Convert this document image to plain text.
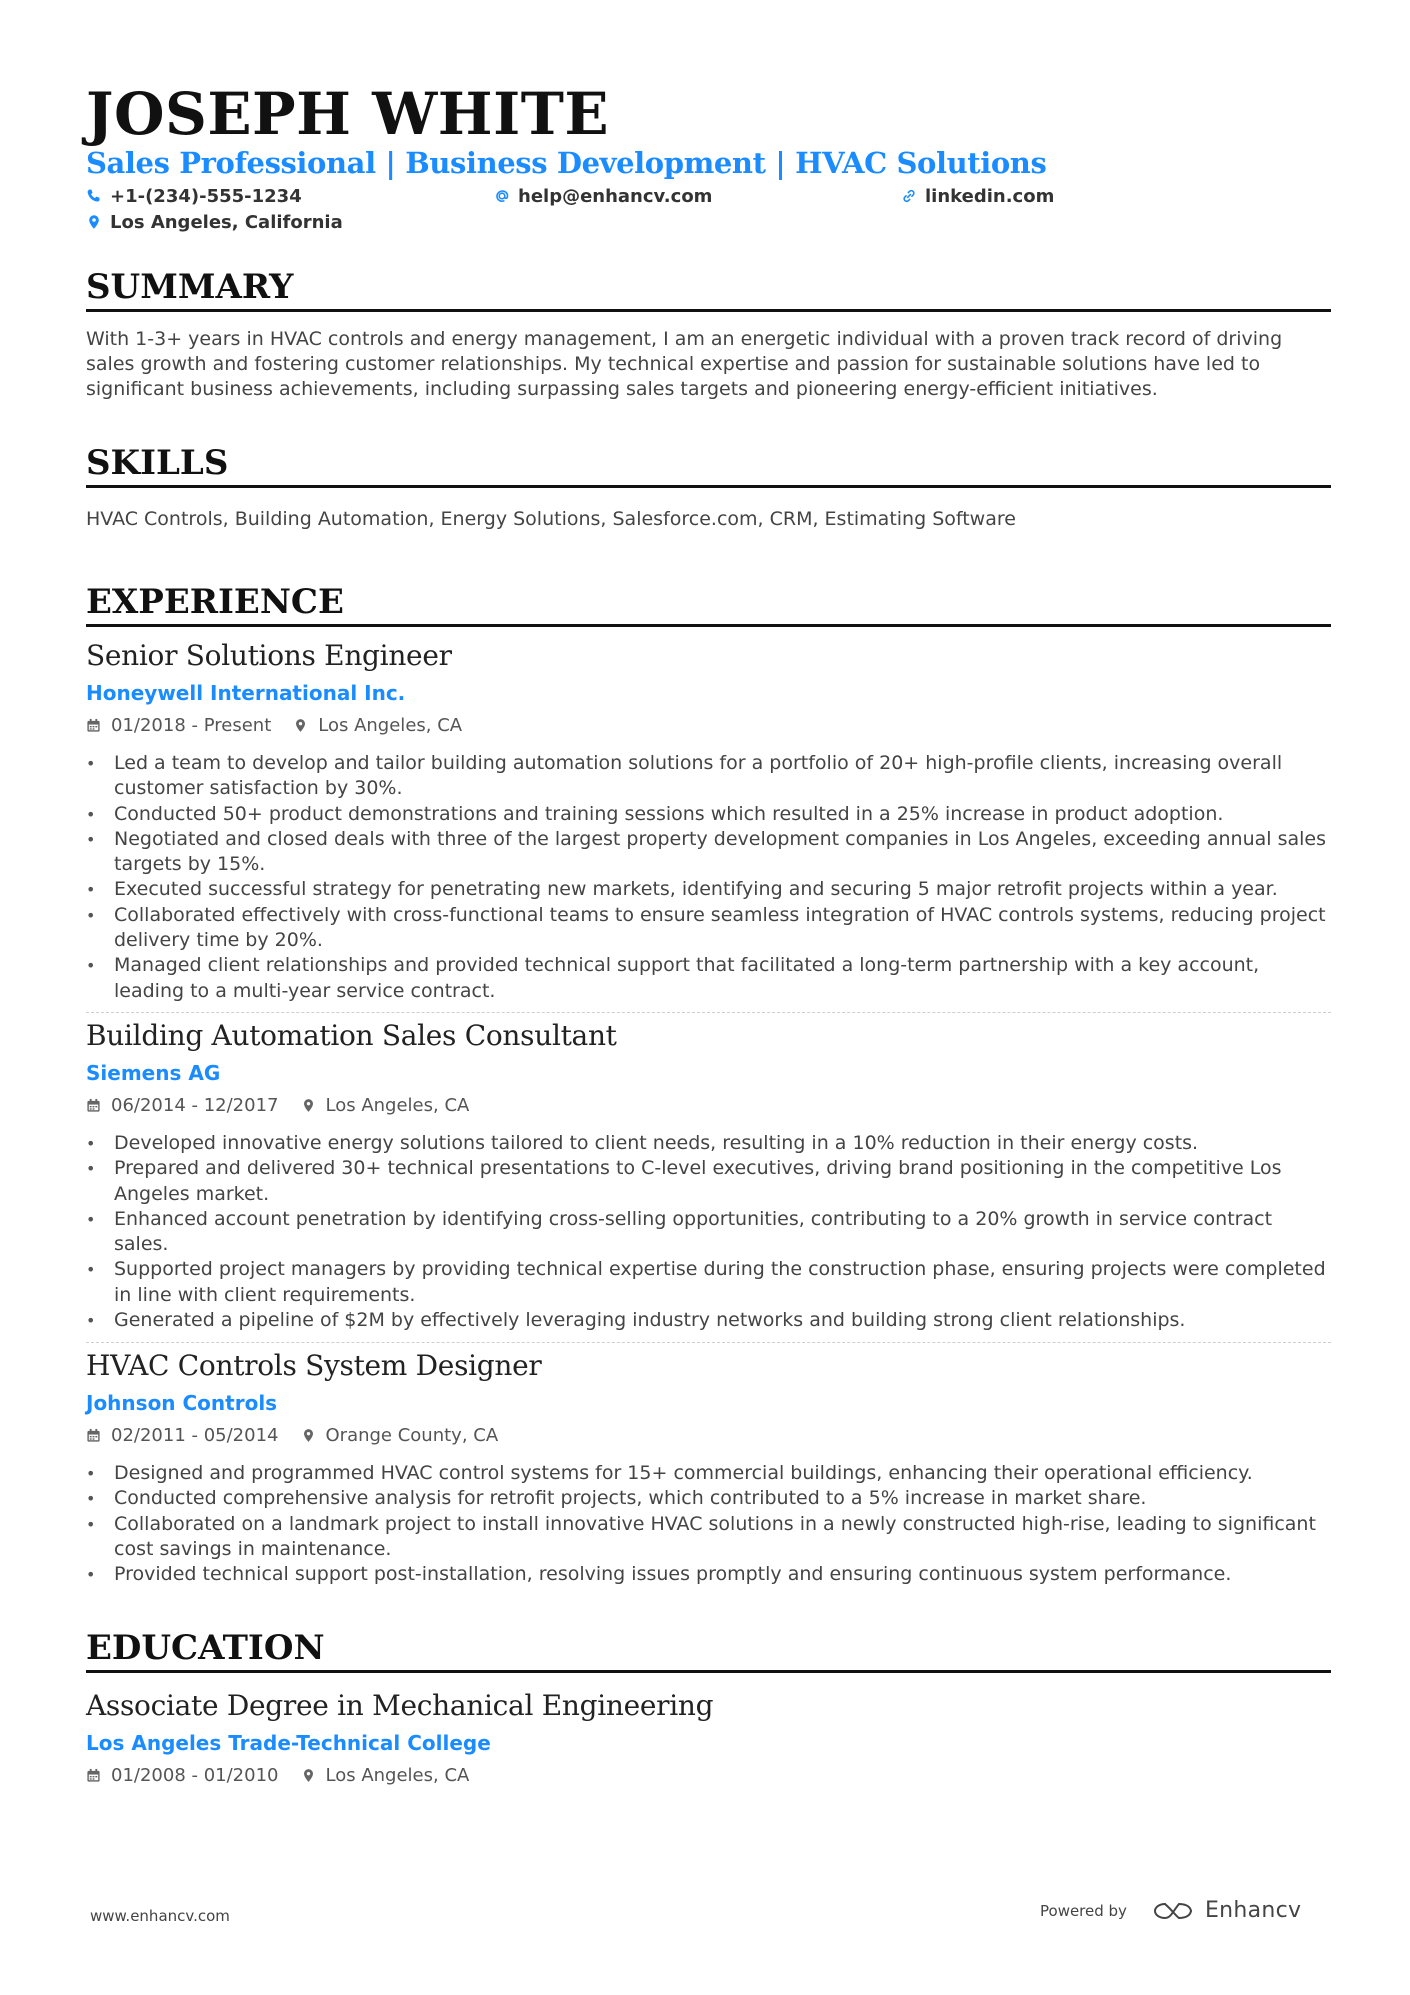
JOSEPH WHITE
Sales Professional | Business Development | HVAC Solutions
+1-(234)-555-1234	help@enhancv.com	linkedin.com
Los Angeles, California
SUMMARY
With 1-3+ years in HVAC controls and energy management, I am an energetic individual with a proven track record of driving sales growth and fostering customer relationships. My technical expertise and passion for sustainable solutions have led to significant business achievements, including surpassing sales targets and pioneering energy-efficient initiatives.
SKILLS
HVAC Controls, Building Automation, Energy Solutions, Salesforce.com, CRM, Estimating Software
EXPERIENCE
Senior Solutions Engineer
Honeywell International Inc.
01/2018 - Present	Los Angeles, CA
• Led a team to develop and tailor building automation solutions for a portfolio of 20+ high-profile clients, increasing overall customer satisfaction by 30%.
• Conducted 50+ product demonstrations and training sessions which resulted in a 25% increase in product adoption.
• Negotiated and closed deals with three of the largest property development companies in Los Angeles, exceeding annual sales targets by 15%.
• Executed successful strategy for penetrating new markets, identifying and securing 5 major retrofit projects within a year.
• Collaborated effectively with cross-functional teams to ensure seamless integration of HVAC controls systems, reducing project delivery time by 20%.
• Managed client relationships and provided technical support that facilitated a long-term partnership with a key account, leading to a multi-year service contract.
Building Automation Sales Consultant
Siemens AG
06/2014 - 12/2017	Los Angeles, CA
• Developed innovative energy solutions tailored to client needs, resulting in a 10% reduction in their energy costs.
• Prepared and delivered 30+ technical presentations to C-level executives, driving brand positioning in the competitive Los Angeles market.
• Enhanced account penetration by identifying cross-selling opportunities, contributing to a 20% growth in service contract sales.
• Supported project managers by providing technical expertise during the construction phase, ensuring projects were completed in line with client requirements.
• Generated a pipeline of $2M by effectively leveraging industry networks and building strong client relationships.
HVAC Controls System Designer
Johnson Controls
02/2011 - 05/2014	Orange County, CA
• Designed and programmed HVAC control systems for 15+ commercial buildings, enhancing their operational efficiency.
• Conducted comprehensive analysis for retrofit projects, which contributed to a 5% increase in market share.
• Collaborated on a landmark project to install innovative HVAC solutions in a newly constructed high-rise, leading to significant cost savings in maintenance.
• Provided technical support post-installation, resolving issues promptly and ensuring continuous system performance.
EDUCATION
Associate Degree in Mechanical Engineering
Los Angeles Trade-Technical College
01/2008 - 01/2010	Los Angeles, CA
www.enhancv.com	Powered by	Enhancv
